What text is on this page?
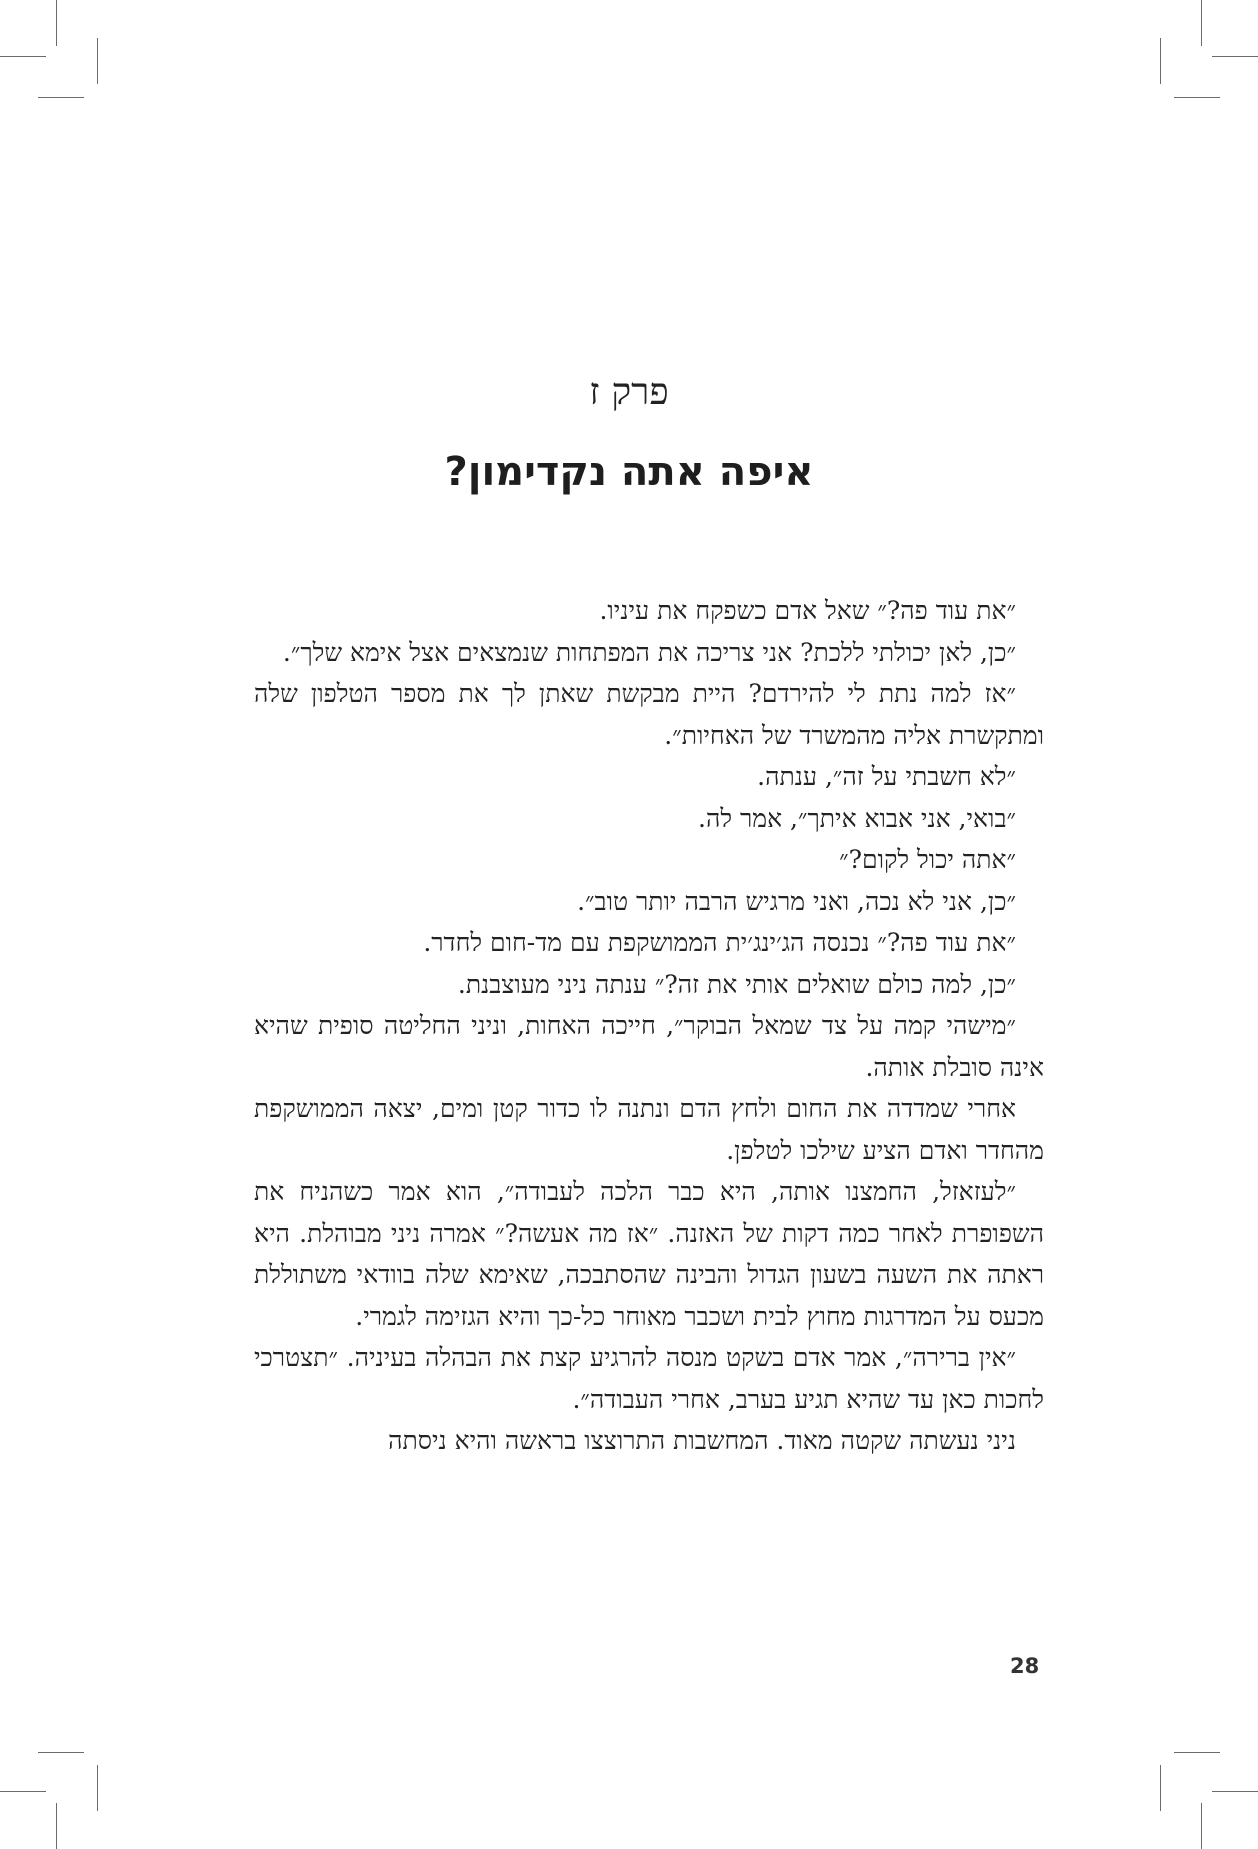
פרק ז
איפה אתה נקדימון?

״את עוד פה?״ שאל אדם כשפקח את עיניו.

״כן, לאן יכולתי ללכת? אני צריכה את המפתחות שנמצאים אצל אימא שלך״.

״אז למה נתת לי להירדם? היית מבקשת שאתן לך את מספר הטלפון שלה ומתקשרת אליה מהמשרד של האחיות״.

״לא חשבתי על זה״, ענתה.

״בואי, אני אבוא איתך״, אמר לה.

״אתה יכול לקום?״

״כן, אני לא נכה, ואני מרגיש הרבה יותר טוב״.

״את עוד פה?״ נכנסה הג׳ינג׳ית הממושקפת עם מד-חום לחדר.

״כן, למה כולם שואלים אותי את זה?״ ענתה ניני מעוצבנת.

״מישהי קמה על צד שמאל הבוקר״, חייכה האחות, וניני החליטה סופית שהיא אינה סובלת אותה.

אחרי שמדדה את החום ולחץ הדם ונתנה לו כדור קטן ומים, יצאה הממושקפת מהחדר ואדם הציע שילכו לטלפן.

״לעזאזל, החמצנו אותה, היא כבר הלכה לעבודה״, הוא אמר כשהניח את השפופרת לאחר כמה דקות של האזנה. ״אז מה אעשה?״ אמרה ניני מבוהלת. היא ראתה את השעה בשעון הגדול והבינה שהסתבכה, שאימא שלה בוודאי משתוללת מכעס על המדרגות מחוץ לבית ושכבר מאוחר כל-כך והיא הגזימה לגמרי.

״אין ברירה״, אמר אדם בשקט מנסה להרגיע קצת את הבהלה בעיניה. ״תצטרכי לחכות כאן עד שהיא תגיע בערב, אחרי העבודה״.

ניני נעשתה שקטה מאוד. המחשבות התרוצצו בראשה והיא ניסתה

28
